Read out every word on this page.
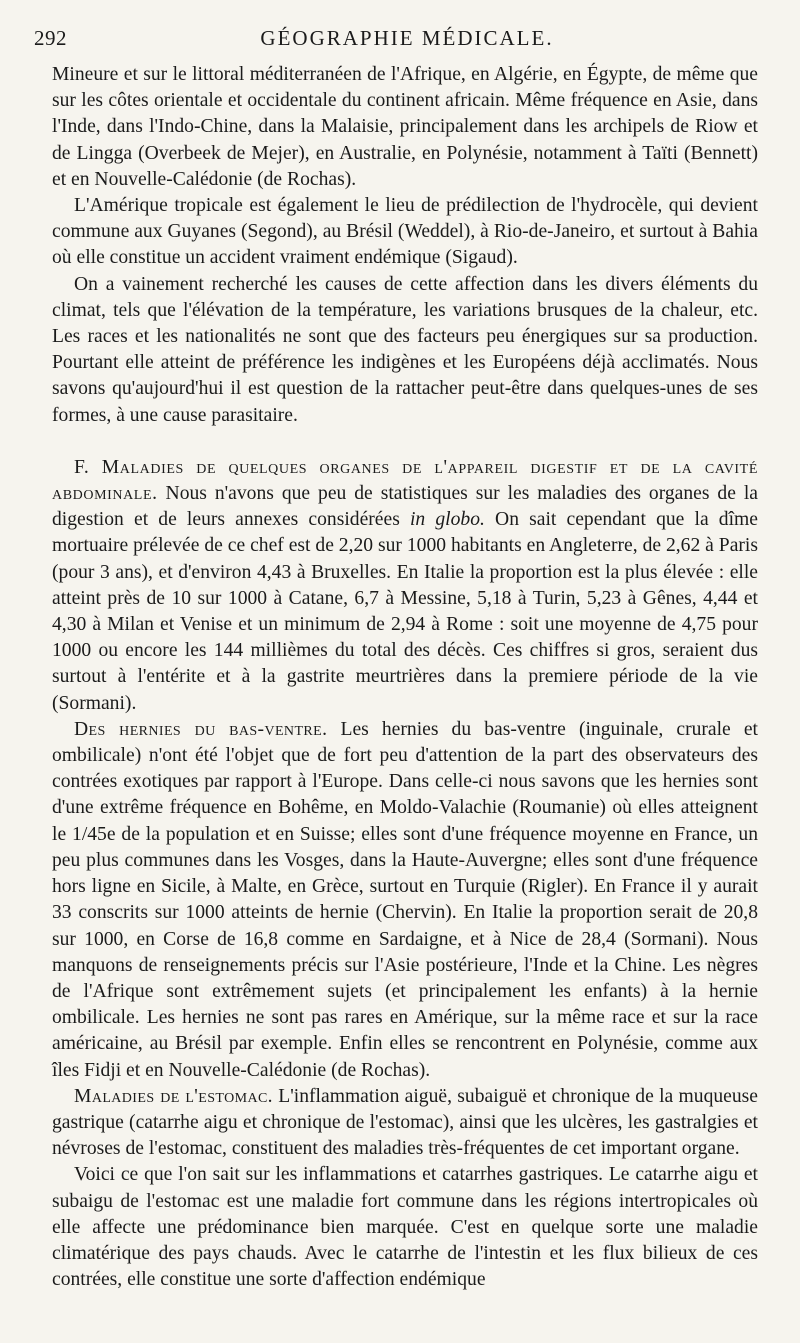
292	GÉOGRAPHIE MÉDICALE.

Mineure et sur le littoral méditerranéen de l'Afrique, en Algérie, en Égypte, de même que sur les côtes orientale et occidentale du continent africain. Même fréquence en Asie, dans l'Inde, dans l'Indo-Chine, dans la Malaisie, principalement dans les archipels de Riow et de Lingga (Overbeek de Mejer), en Australie, en Polynésie, notamment à Taïti (Bennett) et en Nouvelle-Calédonie (de Rochas).

L'Amérique tropicale est également le lieu de prédilection de l'hydrocèle, qui devient commune aux Guyanes (Segond), au Brésil (Weddel), à Rio-de-Janeiro, et surtout à Bahia où elle constitue un accident vraiment endémique (Sigaud).

On a vainement recherché les causes de cette affection dans les divers éléments du climat, tels que l'élévation de la température, les variations brusques de la chaleur, etc. Les races et les nationalités ne sont que des facteurs peu énergiques sur sa production. Pourtant elle atteint de préférence les indigènes et les Européens déjà acclimatés. Nous savons qu'aujourd'hui il est question de la rattacher peut-être dans quelques-unes de ses formes, à une cause parasitaire.

F. Maladies de quelques organes de l'appareil digestif et de la cavité abdominale. Nous n'avons que peu de statistiques sur les maladies des organes de la digestion et de leurs annexes considérées in globo. On sait cependant que la dîme mortuaire prélevée de ce chef est de 2,20 sur 1000 habitants en Angleterre, de 2,62 à Paris (pour 3 ans), et d'environ 4,43 à Bruxelles. En Italie la proportion est la plus élevée : elle atteint près de 10 sur 1000 à Catane, 6,7 à Messine, 5,18 à Turin, 5,23 à Gênes, 4,44 et 4,30 à Milan et Venise et un minimum de 2,94 à Rome : soit une moyenne de 4,75 pour 1000 ou encore les 144 millièmes du total des décès. Ces chiffres si gros, seraient dus surtout à l'entérite et à la gastrite meurtrières dans la premiere période de la vie (Sormani).

Des hernies du bas-ventre. Les hernies du bas-ventre (inguinale, crurale et ombilicale) n'ont été l'objet que de fort peu d'attention de la part des observateurs des contrées exotiques par rapport à l'Europe. Dans celle-ci nous savons que les hernies sont d'une extrême fréquence en Bohême, en Moldo-Valachie (Roumanie) où elles atteignent le 1/45e de la population et en Suisse; elles sont d'une fréquence moyenne en France, un peu plus communes dans les Vosges, dans la Haute-Auvergne; elles sont d'une fréquence hors ligne en Sicile, à Malte, en Grèce, surtout en Turquie (Rigler). En France il y aurait 33 conscrits sur 1000 atteints de hernie (Chervin). En Italie la proportion serait de 20,8 sur 1000, en Corse de 16,8 comme en Sardaigne, et à Nice de 28,4 (Sormani). Nous manquons de renseignements précis sur l'Asie postérieure, l'Inde et la Chine. Les nègres de l'Afrique sont extrêmement sujets (et principalement les enfants) à la hernie ombilicale. Les hernies ne sont pas rares en Amérique, sur la même race et sur la race américaine, au Brésil par exemple. Enfin elles se rencontrent en Polynésie, comme aux îles Fidji et en Nouvelle-Calédonie (de Rochas).

Maladies de l'estomac. L'inflammation aiguë, subaiguë et chronique de la muqueuse gastrique (catarrhe aigu et chronique de l'estomac), ainsi que les ulcères, les gastralgies et névroses de l'estomac, constituent des maladies très-fréquentes de cet important organe.

Voici ce que l'on sait sur les inflammations et catarrhes gastriques. Le catarrhe aigu et subaigu de l'estomac est une maladie fort commune dans les régions intertropicales où elle affecte une prédominance bien marquée. C'est en quelque sorte une maladie climatérique des pays chauds. Avec le catarrhe de l'intestin et les flux bilieux de ces contrées, elle constitue une sorte d'affection endémique
